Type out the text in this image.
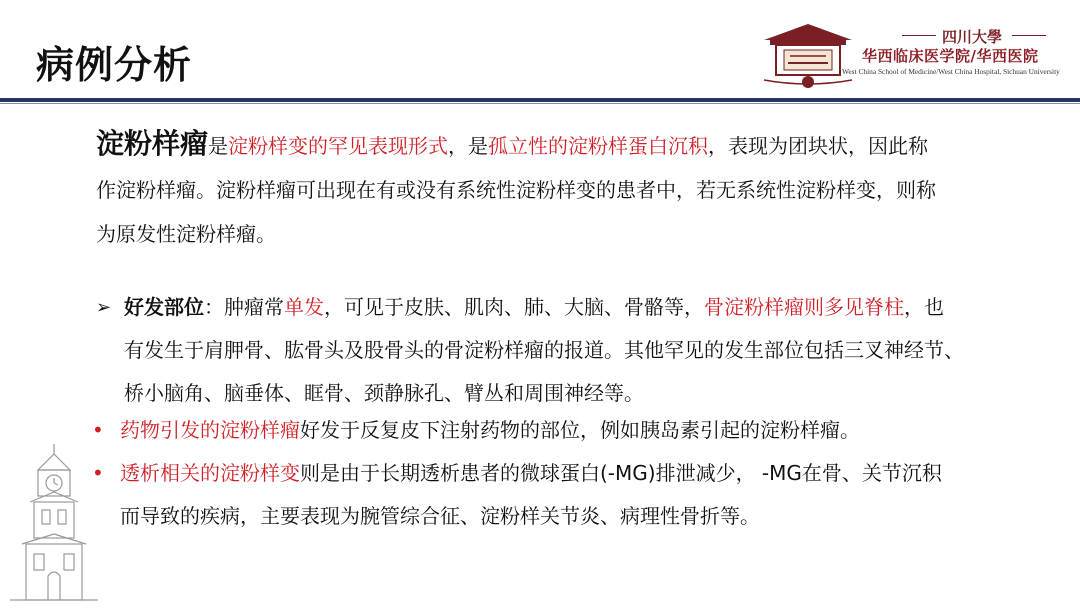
病例分析
四川大學
华西临床医学院/华西医院
West China School of Medicine/West China Hospital, Sichuan University
淀粉样瘤是淀粉样变的罕见表现形式，是孤立性的淀粉样蛋白沉积，表现为团块状，因此称
作淀粉样瘤。淀粉样瘤可出现在有或没有系统性淀粉样变的患者中，若无系统性淀粉样变，则称
为原发性淀粉样瘤。
➢ 好发部位：肿瘤常单发，可见于皮肤、肌肉、肺、大脑、骨骼等，骨淀粉样瘤则多见脊柱，也
有发生于肩胛骨、肱骨头及股骨头的骨淀粉样瘤的报道。其他罕见的发生部位包括三叉神经节、
桥小脑角、脑垂体、眶骨、颈静脉孔、臂丛和周围神经等。
• 药物引发的淀粉样瘤好发于反复皮下注射药物的部位，例如胰岛素引起的淀粉样瘤。
• 透析相关的淀粉样变则是由于长期透析患者的微球蛋白(-MG)排泄减少， -MG在骨、关节沉积
而导致的疾病，主要表现为腕管综合征、淀粉样关节炎、病理性骨折等。
